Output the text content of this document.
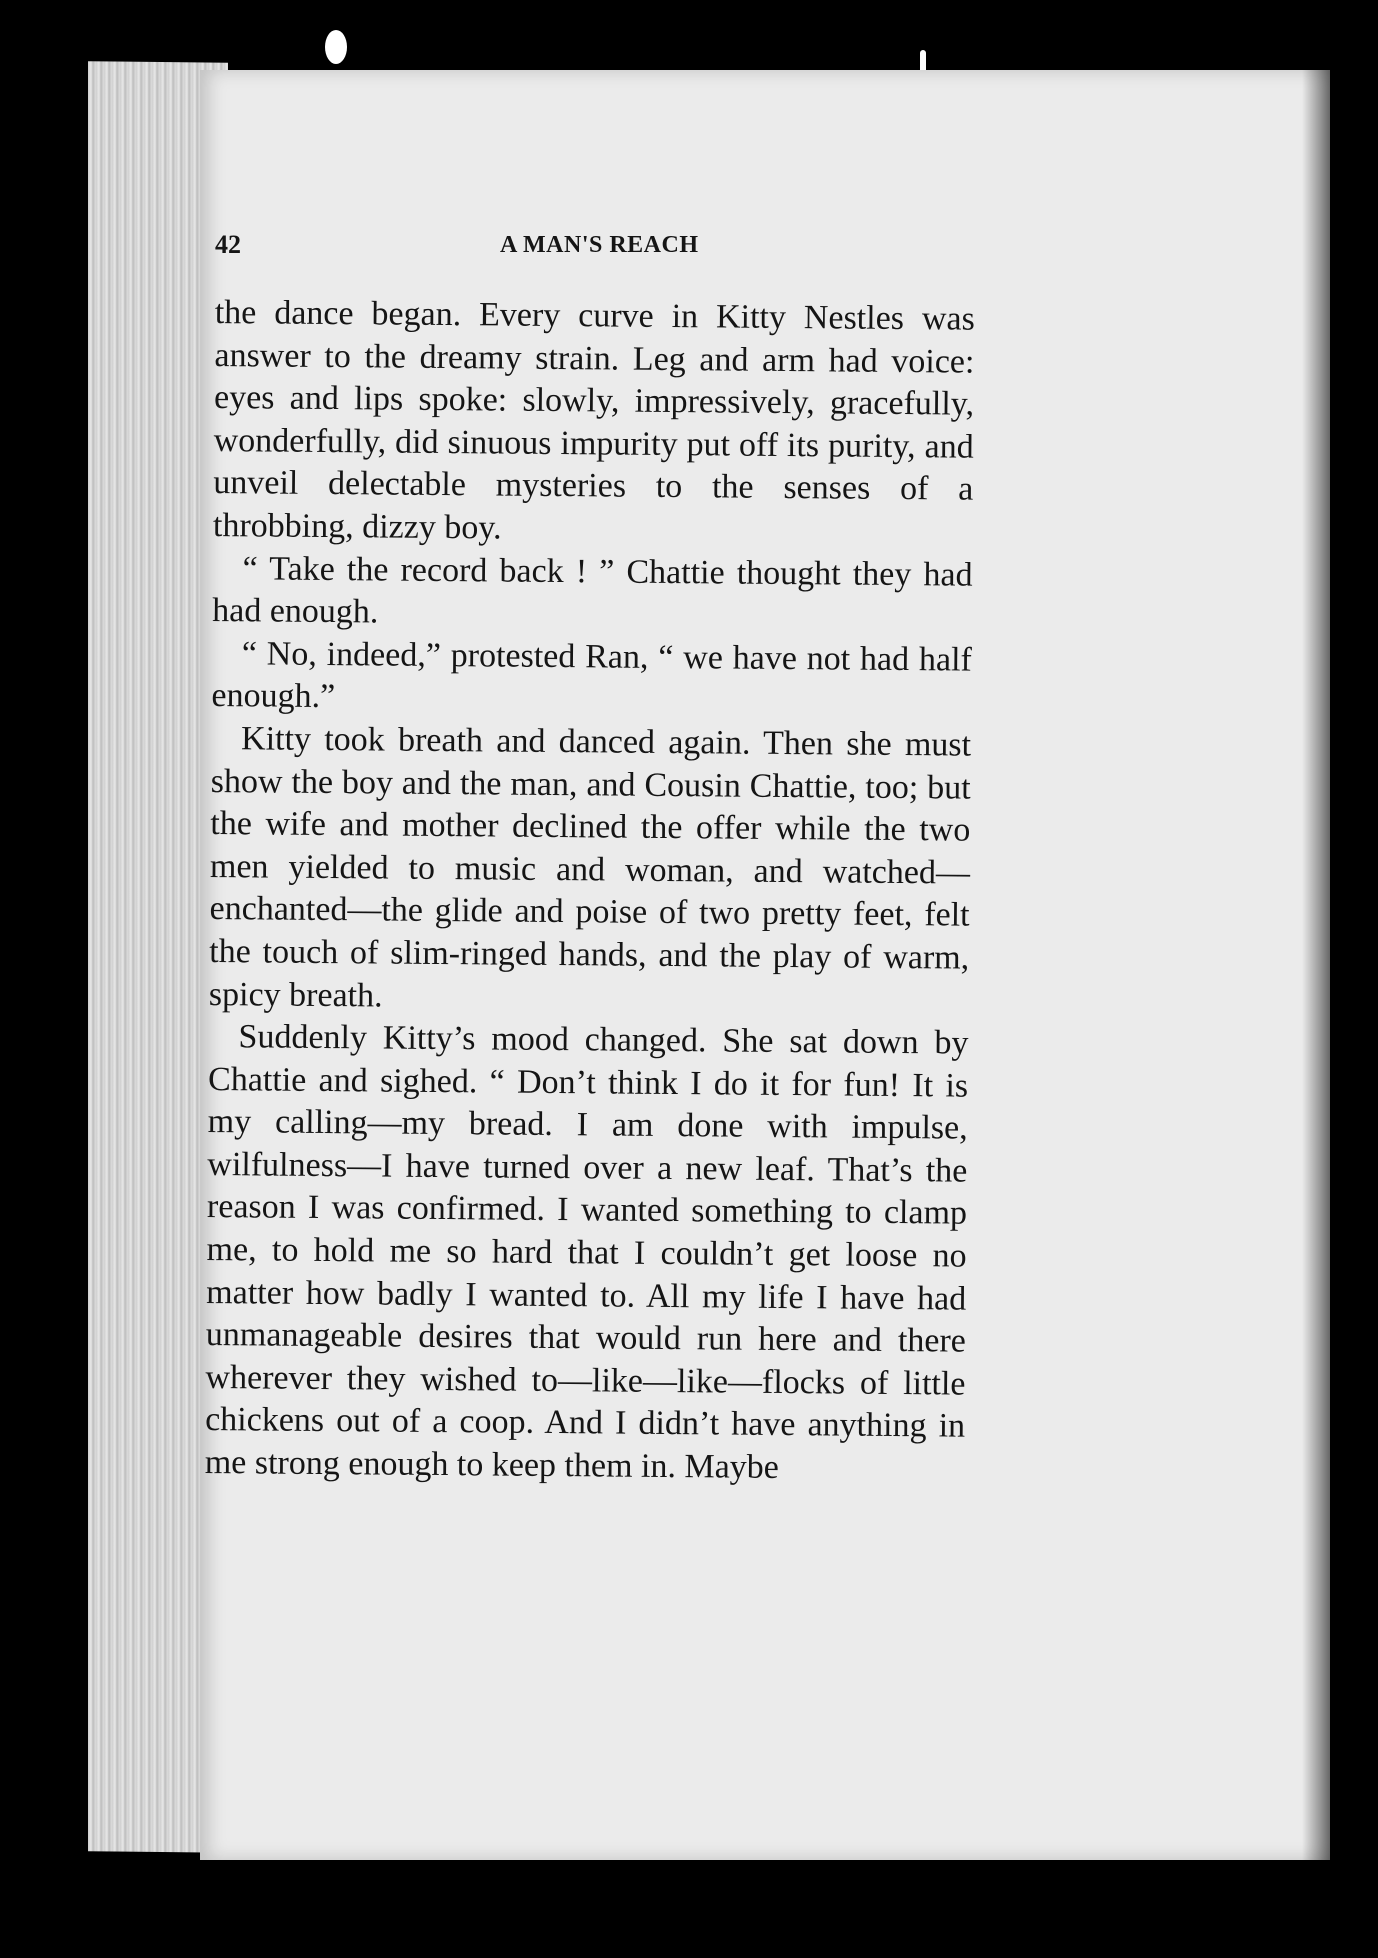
42	A MAN'S REACH

the dance began. Every curve in Kitty Nestles was answer to the dreamy strain. Leg and arm had voice: eyes and lips spoke: slowly, impressively, gracefully, wonderfully, did sinuous impurity put off its purity, and unveil delectable mysteries to the senses of a throbbing, dizzy boy.

“ Take the record back ! ” Chattie thought they had had enough.

“ No, indeed,” protested Ran, “ we have not had half enough.”

Kitty took breath and danced again. Then she must show the boy and the man, and Cousin Chattie, too; but the wife and mother declined the offer while the two men yielded to music and woman, and watched—enchanted—the glide and poise of two pretty feet, felt the touch of slim-ringed hands, and the play of warm, spicy breath.

Suddenly Kitty’s mood changed. She sat down by Chattie and sighed. “ Don’t think I do it for fun! It is my calling—my bread. I am done with impulse, wilfulness—I have turned over a new leaf. That’s the reason I was confirmed. I wanted something to clamp me, to hold me so hard that I couldn’t get loose no matter how badly I wanted to. All my life I have had unmanageable desires that would run here and there wherever they wished to—like—like—flocks of little chickens out of a coop. And I didn’t have anything in me strong enough to keep them in. Maybe
